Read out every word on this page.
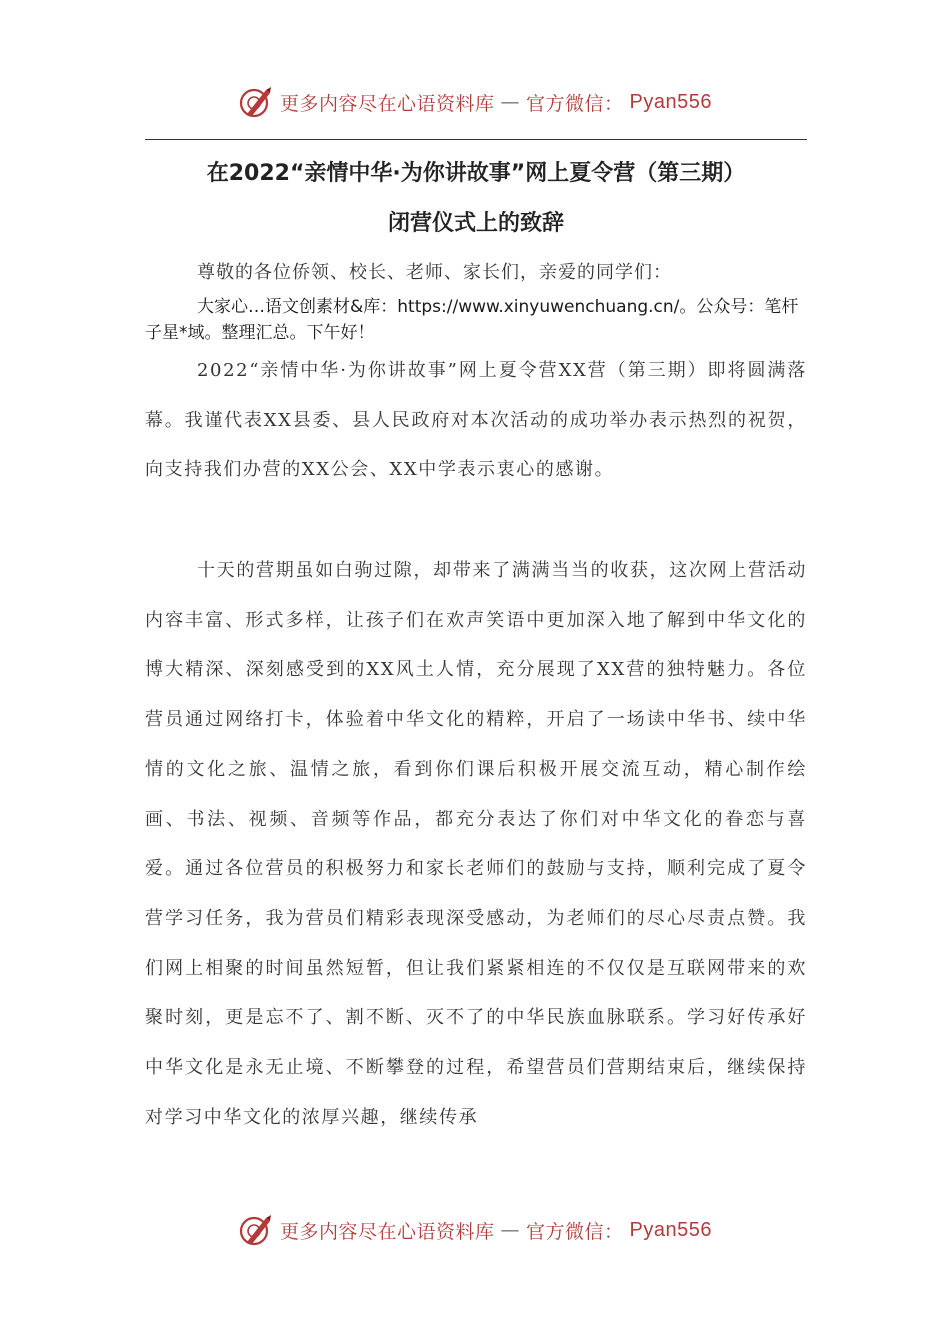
更多内容尽在心语资料库 — 官方微信： Pyan556
在2022“亲情中华·为你讲故事”网上夏令营（第三期）
闭营仪式上的致辞
尊敬的各位侨领、校长、老师、家长们，亲爱的同学们：

大家心…语文创素材&库：https://www.xinyuwenchuang.cn/。公众号：笔杆子星*域。整理汇总。下午好！

2022“亲情中华·为你讲故事”网上夏令营XX营（第三期）即将圆满落幕。我谨代表XX县委、县人民政府对本次活动的成功举办表示热烈的祝贺，向支持我们办营的XX公会、XX中学表示衷心的感谢。

十天的营期虽如白驹过隙，却带来了满满当当的收获，这次网上营活动内容丰富、形式多样，让孩子们在欢声笑语中更加深入地了解到中华文化的博大精深、深刻感受到的XX风土人情，充分展现了XX营的独特魅力。各位营员通过网络打卡，体验着中华文化的精粹，开启了一场读中华书、续中华情的文化之旅、温情之旅，看到你们课后积极开展交流互动，精心制作绘画、书法、视频、音频等作品，都充分表达了你们对中华文化的眷恋与喜爱。通过各位营员的积极努力和家长老师们的鼓励与支持，顺利完成了夏令营学习任务，我为营员们精彩表现深受感动，为老师们的尽心尽责点赞。我们网上相聚的时间虽然短暂，但让我们紧紧相连的不仅仅是互联网带来的欢聚时刻，更是忘不了、割不断、灭不了的中华民族血脉联系。学习好传承好中华文化是永无止境、不断攀登的过程，希望营员们营期结束后，继续保持对学习中华文化的浓厚兴趣，继续传承

更多内容尽在心语资料库 — 官方微信： Pyan556
